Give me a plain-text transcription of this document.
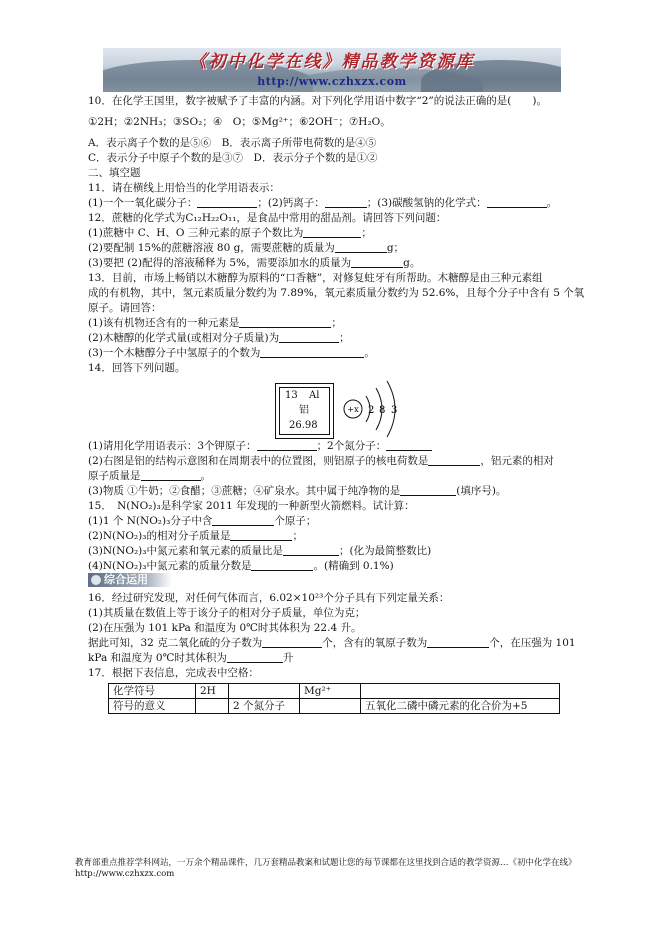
《初中化学在线》精品教学资源库
http://www.czhxzx.com
10．在化学王国里，数字被赋予了丰富的内涵。对下列化学用语中数字“2”的说法正确的是(　　)。
①2H；②2NH₃；③SO₂；④　O；⑤Mg²⁺；⑥2OH⁻；⑦H₂O。
A．表示离子个数的是⑤⑥　B．表示离子所带电荷数的是④⑤
C．表示分子中原子个数的是③⑦　D．表示分子个数的是①②
二、填空题
11．请在横线上用恰当的化学用语表示：
(1)一个一氧化碳分子：	；(2)钙离子：	；(3)碳酸氢钠的化学式：	。
12．蔗糖的化学式为C₁₂H₂₂O₁₁，是食品中常用的甜品剂。请回答下列问题：
(1)蔗糖中 C、H、O 三种元素的原子个数比为	；
(2)要配制 15%的蔗糖溶液 80 g，需要蔗糖的质量为	g；
(3)要把 (2)配得的溶液稀释为 5%，需要添加水的质量为	g。
13．目前，市场上畅销以木糖醇为原料的“口香糖”，对修复蛀牙有所帮助。木糖醇是由三种元素组
成的有机物，其中，氢元素质量分数约为 7.89%，氧元素质量分数约为 52.6%，且每个分子中含有 5 个氧
原子。请回答：
(1)该有机物还含有的一种元素是	；
(2)木糖醇的化学式量(或相对分子质量)为	；
(3)一个木糖醇分子中氢原子的个数为	。
14．回答下列问题。
13 Al
铝
26.98
+x 2 8 3
(1)请用化学用语表示：3个钾原子：	；2个氮分子：
(2)右图是铝的结构示意图和在周期表中的位置图，则铝原子的核电荷数是	，铝元素的相对
原子质量是	。
(3)物质 ①牛奶；②食醋；③蔗糖；④矿泉水。其中属于纯净物的是	(填序号)。
15．　N(NO₂)₃是科学家 2011 年发现的一种新型火箭燃料。试计算：
(1)1 个 N(NO₂)₃分子中含	个原子；
(2)N(NO₂)₃的相对分子质量是	；
(3)N(NO₂)₃中氮元素和氧元素的质量比是	；(化为最简整数比)
(4)N(NO₂)₃中氮元素的质量分数是	。(精确到 0.1%)
综合运用
16．经过研究发现，对任何气体而言，6.02×10²³个分子具有下列定量关系：
(1)其质量在数值上等于该分子的相对分子质量，单位为克；
(2)在压强为 101 kPa 和温度为 0℃时其体积为 22.4 升。
据此可知，32 克二氧化硫的分子数为	个，含有的氧原子数为	个，在压强为 101
kPa 和温度为 0℃时其体积为	升
17．根据下表信息，完成表中空格：
化学符号	2H		Mg²⁺	
符号的意义		2 个氮分子		五氧化二磷中磷元素的化合价为+5
教育部重点推荐学科网站，一万余个精品课件，几万套精品教案和试题让您的每节课都在这里找到合适的教学资源…《初中化学在线》http://www.czhxzx.com
